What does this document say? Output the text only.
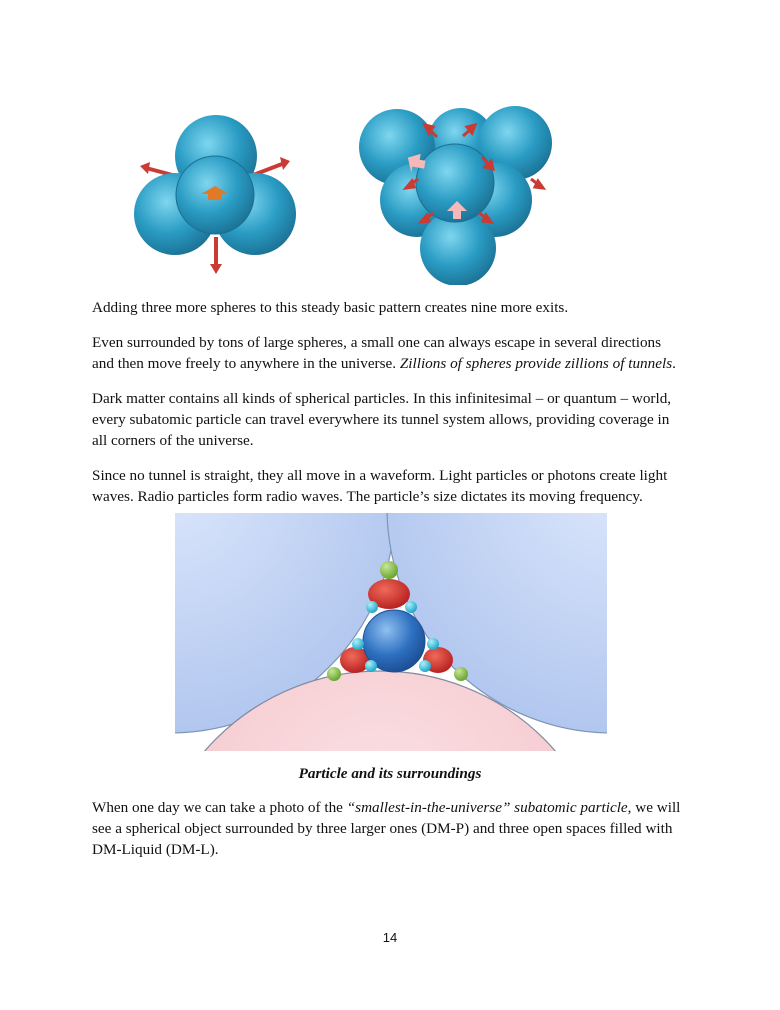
Adding three more spheres to this steady basic pattern creates nine more exits.

Even surrounded by tons of large spheres, a small one can always escape in several directions
and then move freely to anywhere in the universe. Zillions of spheres provide zillions of tunnels.

Dark matter contains all kinds of spherical particles. In this infinitesimal – or quantum – world,
every subatomic particle can travel everywhere its tunnel system allows, providing coverage in
all corners of the universe.

Since no tunnel is straight, they all move in a waveform. Light particles or photons create light
waves. Radio particles form radio waves. The particle’s size dictates its moving frequency.

Particle and its surroundings

When one day we can take a photo of the “smallest-in-the-universe” subatomic particle, we will
see a spherical object surrounded by three larger ones (DM-P) and three open spaces filled with
DM-Liquid (DM-L).

14
